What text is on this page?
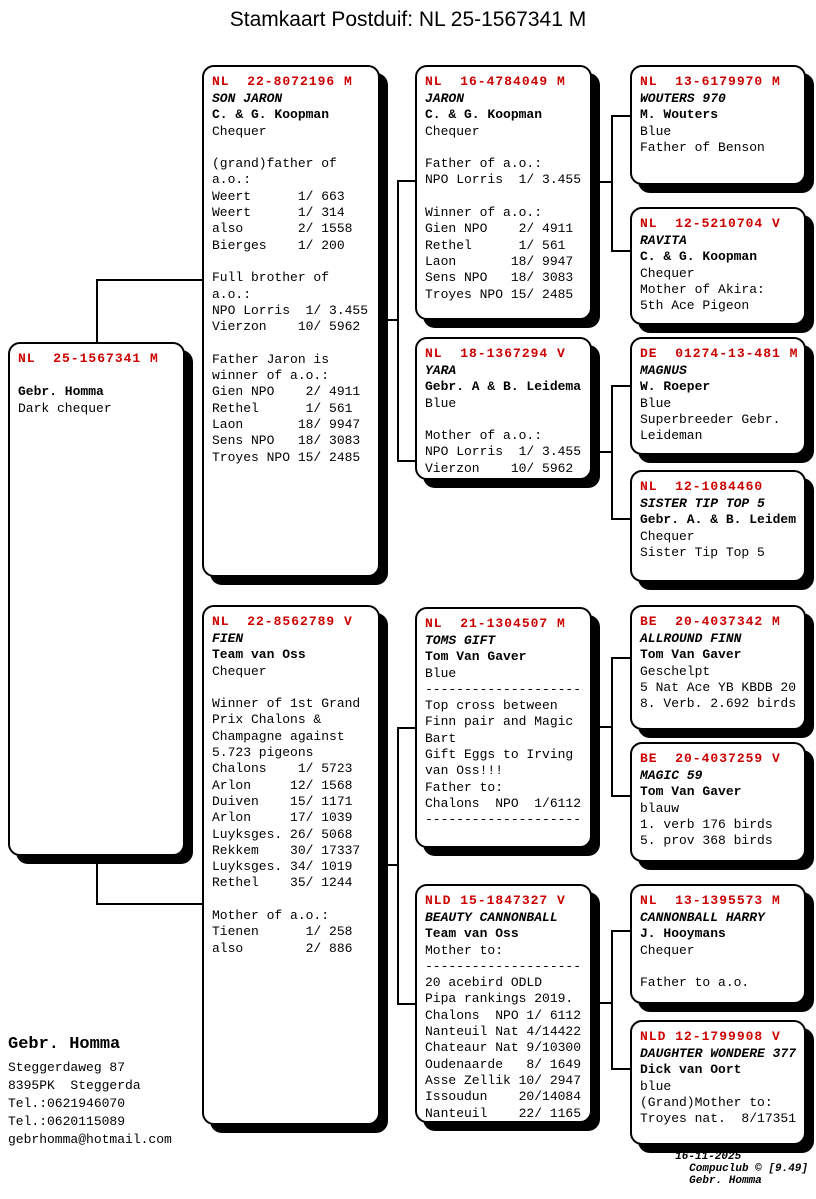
Stamkaart Postduif: NL 25-1567341 M
NL  25-1567341 M

Gebr. Homma
Dark chequer
NL  22-8072196 M
SON JARON
C. & G. Koopman
Chequer

(grand)father of
a.o.:
Weert      1/ 663
Weert      1/ 314
also       2/ 1558
Bierges    1/ 200

Full brother of
a.o.:
NPO Lorris  1/ 3.455
Vierzon    10/ 5962

Father Jaron is
winner of a.o.:
Gien NPO    2/ 4911
Rethel      1/ 561
Laon       18/ 9947
Sens NPO   18/ 3083
Troyes NPO 15/ 2485
NL  22-8562789 V
FIEN
Team van Oss
Chequer

Winner of 1st Grand
Prix Chalons &
Champagne against
5.723 pigeons
Chalons    1/ 5723
Arlon     12/ 1568
Duiven    15/ 1171
Arlon     17/ 1039
Luyksges. 26/ 5068
Rekkem    30/ 17337
Luyksges. 34/ 1019
Rethel    35/ 1244

Mother of a.o.:
Tienen      1/ 258
also        2/ 886
NL  16-4784049 M
JARON
C. & G. Koopman
Chequer

Father of a.o.:
NPO Lorris  1/ 3.455

Winner of a.o.:
Gien NPO    2/ 4911
Rethel      1/ 561
Laon       18/ 9947
Sens NPO   18/ 3083
Troyes NPO 15/ 2485
NL  18-1367294 V
YARA
Gebr. A & B. Leidema
Blue

Mother of a.o.:
NPO Lorris  1/ 3.455
Vierzon    10/ 5962
NL  21-1304507 M
TOMS GIFT
Tom Van Gaver
Blue
--------------------
Top cross between
Finn pair and Magic
Bart
Gift Eggs to Irving
van Oss!!!
Father to:
Chalons  NPO  1/6112
--------------------
NLD 15-1847327 V
BEAUTY CANNONBALL
Team van Oss
Mother to:
--------------------
20 acebird ODLD
Pipa rankings 2019.
Chalons  NPO 1/ 6112
Nanteuil Nat 4/14422
Chateaur Nat 9/10300
Oudenaarde   8/ 1649
Asse Zellik 10/ 2947
Issoudun    20/14084
Nanteuil    22/ 1165
NL  13-6179970 M
WOUTERS 970
M. Wouters
Blue
Father of Benson
NL  12-5210704 V
RAVITA
C. & G. Koopman
Chequer
Mother of Akira:
5th Ace Pigeon
DE  01274-13-481 M
MAGNUS
W. Roeper
Blue
Superbreeder Gebr.
Leideman
NL  12-1084460
SISTER TIP TOP 5
Gebr. A. & B. Leidem
Chequer
Sister Tip Top 5
BE  20-4037342 M
ALLROUND FINN
Tom Van Gaver
Geschelpt
5 Nat Ace YB KBDB 20
8. Verb. 2.692 birds
BE  20-4037259 V
MAGIC 59
Tom Van Gaver
blauw
1. verb 176 birds
5. prov 368 birds
NL  13-1395573 M
CANNONBALL HARRY
J. Hooymans
Chequer

Father to a.o.
NLD 12-1799908 V
DAUGHTER WONDERE 377
Dick van Oort
blue
(Grand)Mother to:
Troyes nat.  8/17351
Gebr. Homma
Steggerdaweg 87
8395PK  Steggerda
Tel.:0621946070
Tel.:0620115089
gebrhomma@hotmail.com

16-11-2025
Compuclub © [9.49]
Gebr. Homma
